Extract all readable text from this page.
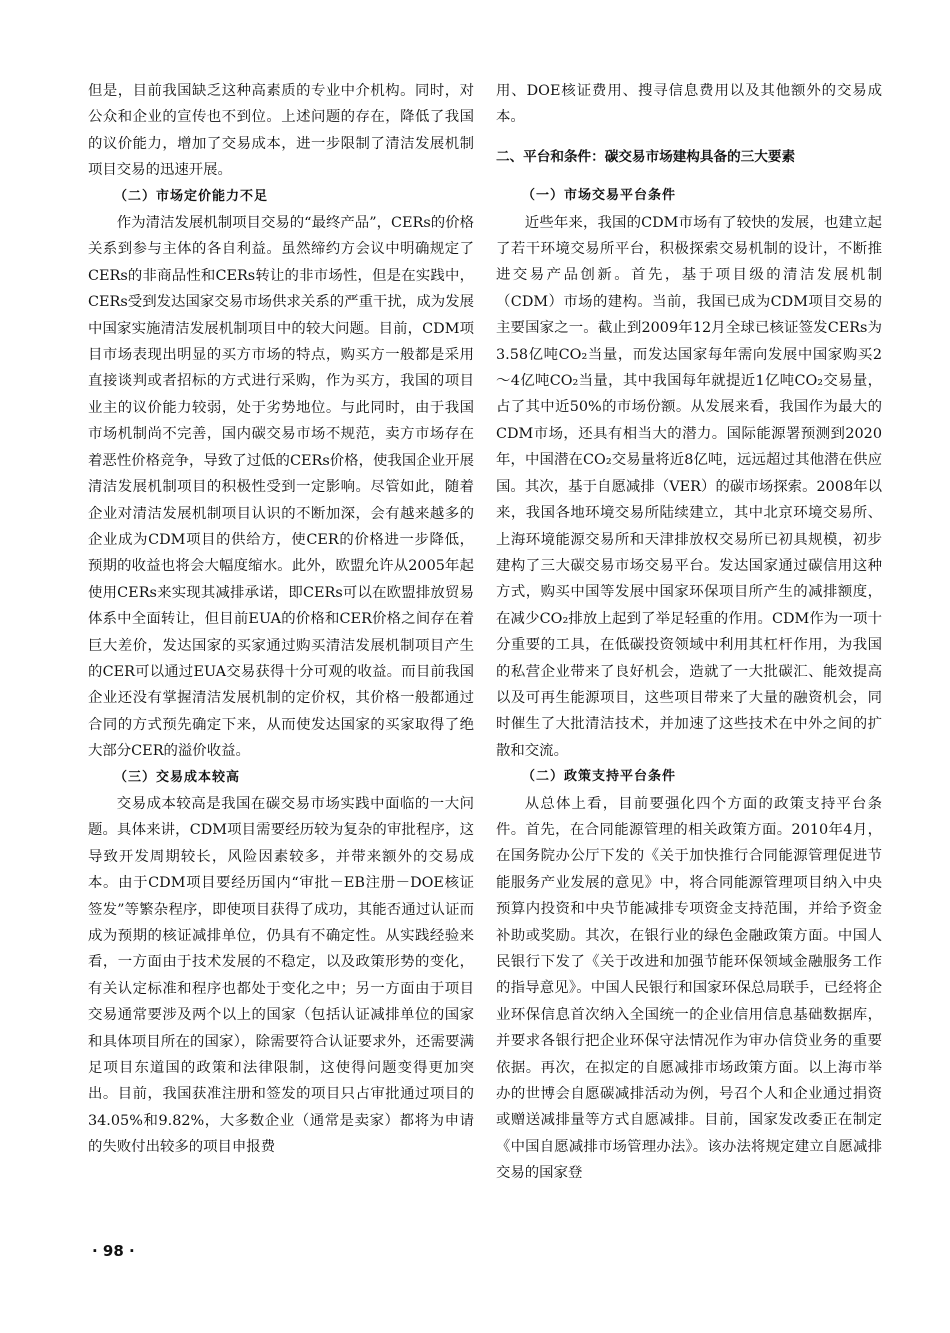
但是，目前我国缺乏这种高素质的专业中介机构。同时，对公众和企业的宣传也不到位。上述问题的存在，降低了我国的议价能力，增加了交易成本，进一步限制了清洁发展机制项目交易的迅速开展。

（二）市场定价能力不足

作为清洁发展机制项目交易的“最终产品”，CERs的价格关系到参与主体的各自利益。虽然缔约方会议中明确规定了CERs的非商品性和CERs转让的非市场性，但是在实践中，CERs受到发达国家交易市场供求关系的严重干扰，成为发展中国家实施清洁发展机制项目中的较大问题。目前，CDM项目市场表现出明显的买方市场的特点，购买方一般都是采用直接谈判或者招标的方式进行采购，作为买方，我国的项目业主的议价能力较弱，处于劣势地位。与此同时，由于我国市场机制尚不完善，国内碳交易市场不规范，卖方市场存在着恶性价格竞争，导致了过低的CERs价格，使我国企业开展清洁发展机制项目的积极性受到一定影响。尽管如此，随着企业对清洁发展机制项目认识的不断加深，会有越来越多的企业成为CDM项目的供给方，使CER的价格进一步降低，预期的收益也将会大幅度缩水。此外，欧盟允许从2005年起使用CERs来实现其减排承诺，即CERs可以在欧盟排放贸易体系中全面转让，但目前EUA的价格和CER价格之间存在着巨大差价，发达国家的买家通过购买清洁发展机制项目产生的CER可以通过EUA交易获得十分可观的收益。而目前我国企业还没有掌握清洁发展机制的定价权，其价格一般都通过合同的方式预先确定下来，从而使发达国家的买家取得了绝大部分CER的溢价收益。

（三）交易成本较高

交易成本较高是我国在碳交易市场实践中面临的一大问题。具体来讲，CDM项目需要经历较为复杂的审批程序，这导致开发周期较长，风险因素较多，并带来额外的交易成本。由于CDM项目要经历国内“审批－EB注册－DOE核证签发”等繁杂程序，即使项目获得了成功，其能否通过认证而成为预期的核证减排单位，仍具有不确定性。从实践经验来看，一方面由于技术发展的不稳定，以及政策形势的变化，有关认定标准和程序也都处于变化之中；另一方面由于项目交易通常要涉及两个以上的国家（包括认证减排单位的国家和具体项目所在的国家），除需要符合认证要求外，还需要满足项目东道国的政策和法律限制，这使得问题变得更加突出。目前，我国获准注册和签发的项目只占审批通过项目的34.05%和9.82%，大多数企业（通常是卖家）都将为申请的失败付出较多的项目申报费

用、DOE核证费用、搜寻信息费用以及其他额外的交易成本。

二、平台和条件：碳交易市场建构具备的三大要素

（一）市场交易平台条件

近些年来，我国的CDM市场有了较快的发展，也建立起了若干环境交易所平台，积极探索交易机制的设计，不断推进交易产品创新。首先，基于项目级的清洁发展机制（CDM）市场的建构。当前，我国已成为CDM项目交易的主要国家之一。截止到2009年12月全球已核证签发CERs为3.58亿吨CO₂当量，而发达国家每年需向发展中国家购买2～4亿吨CO₂当量，其中我国每年就提近1亿吨CO₂交易量，占了其中近50%的市场份额。从发展来看，我国作为最大的CDM市场，还具有相当大的潜力。国际能源署预测到2020年，中国潜在CO₂交易量将近8亿吨，远远超过其他潜在供应国。其次，基于自愿减排（VER）的碳市场探索。2008年以来，我国各地环境交易所陆续建立，其中北京环境交易所、上海环境能源交易所和天津排放权交易所已初具规模，初步建构了三大碳交易市场交易平台。发达国家通过碳信用这种方式，购买中国等发展中国家环保项目所产生的减排额度，在减少CO₂排放上起到了举足轻重的作用。CDM作为一项十分重要的工具，在低碳投资领域中利用其杠杆作用，为我国的私营企业带来了良好机会，造就了一大批碳汇、能效提高以及可再生能源项目，这些项目带来了大量的融资机会，同时催生了大批清洁技术，并加速了这些技术在中外之间的扩散和交流。

（二）政策支持平台条件

从总体上看，目前要强化四个方面的政策支持平台条件。首先，在合同能源管理的相关政策方面。2010年4月，在国务院办公厅下发的《关于加快推行合同能源管理促进节能服务产业发展的意见》中，将合同能源管理项目纳入中央预算内投资和中央节能减排专项资金支持范围，并给予资金补助或奖励。其次，在银行业的绿色金融政策方面。中国人民银行下发了《关于改进和加强节能环保领域金融服务工作的指导意见》。中国人民银行和国家环保总局联手，已经将企业环保信息首次纳入全国统一的企业信用信息基础数据库，并要求各银行把企业环保守法情况作为审办信贷业务的重要依据。再次，在拟定的自愿减排市场政策方面。以上海市举办的世博会自愿碳减排活动为例，号召个人和企业通过捐资或赠送减排量等方式自愿减排。目前，国家发改委正在制定《中国自愿减排市场管理办法》。该办法将规定建立自愿减排交易的国家登

· 98 ·
